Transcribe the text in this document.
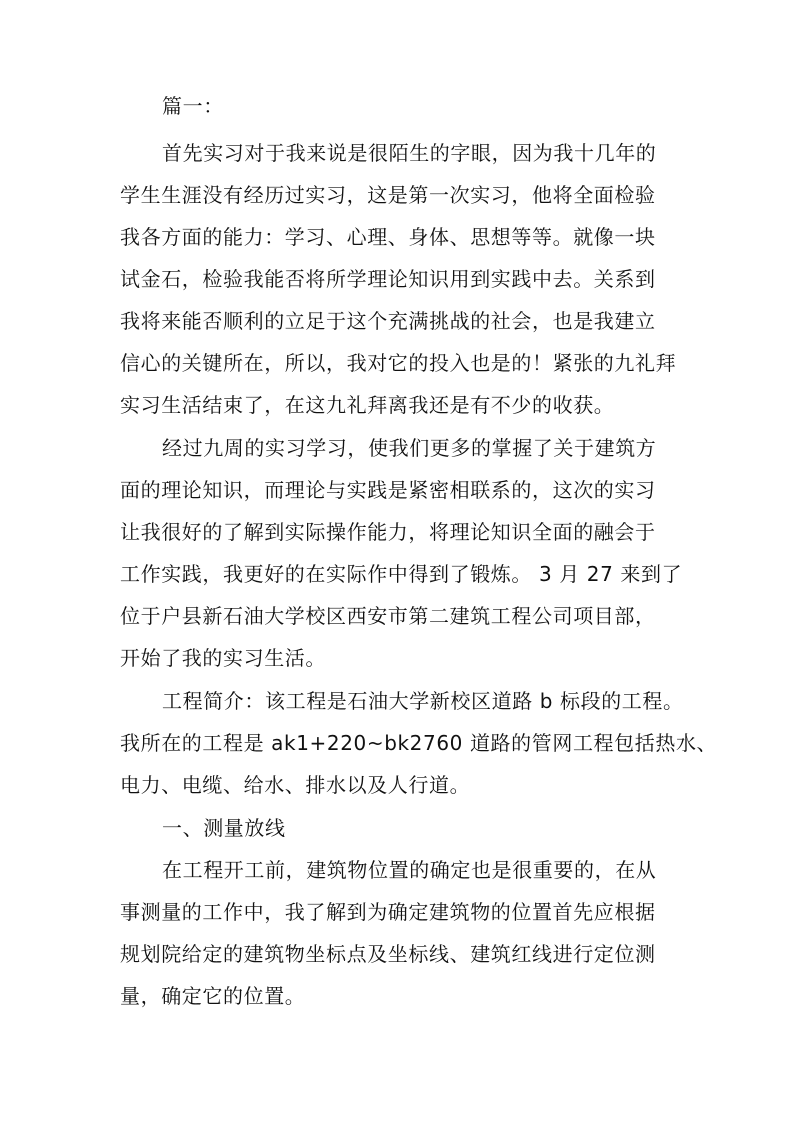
篇一：
首先实习对于我来说是很陌生的字眼，因为我十几年的
学生生涯没有经历过实习，这是第一次实习，他将全面检验
我各方面的能力：学习、心理、身体、思想等等。就像一块
试金石，检验我能否将所学理论知识用到实践中去。关系到
我将来能否顺利的立足于这个充满挑战的社会，也是我建立
信心的关键所在，所以，我对它的投入也是的！紧张的九礼拜
实习生活结束了，在这九礼拜离我还是有不少的收获。
经过九周的实习学习，使我们更多的掌握了关于建筑方
面的理论知识，而理论与实践是紧密相联系的，这次的实习
让我很好的了解到实际操作能力，将理论知识全面的融会于
工作实践，我更好的在实际作中得到了锻炼。 3 月 27 来到了
位于户县新石油大学校区西安市第二建筑工程公司项目部，
开始了我的实习生活。
工程简介：该工程是石油大学新校区道路 b 标段的工程。
我所在的工程是 ak1+220~bk2760 道路的管网工程包括热水、
电力、电缆、给水、排水以及人行道。
一、测量放线
在工程开工前，建筑物位置的确定也是很重要的，在从
事测量的工作中，我了解到为确定建筑物的位置首先应根据
规划院给定的建筑物坐标点及坐标线、建筑红线进行定位测
量，确定它的位置。
